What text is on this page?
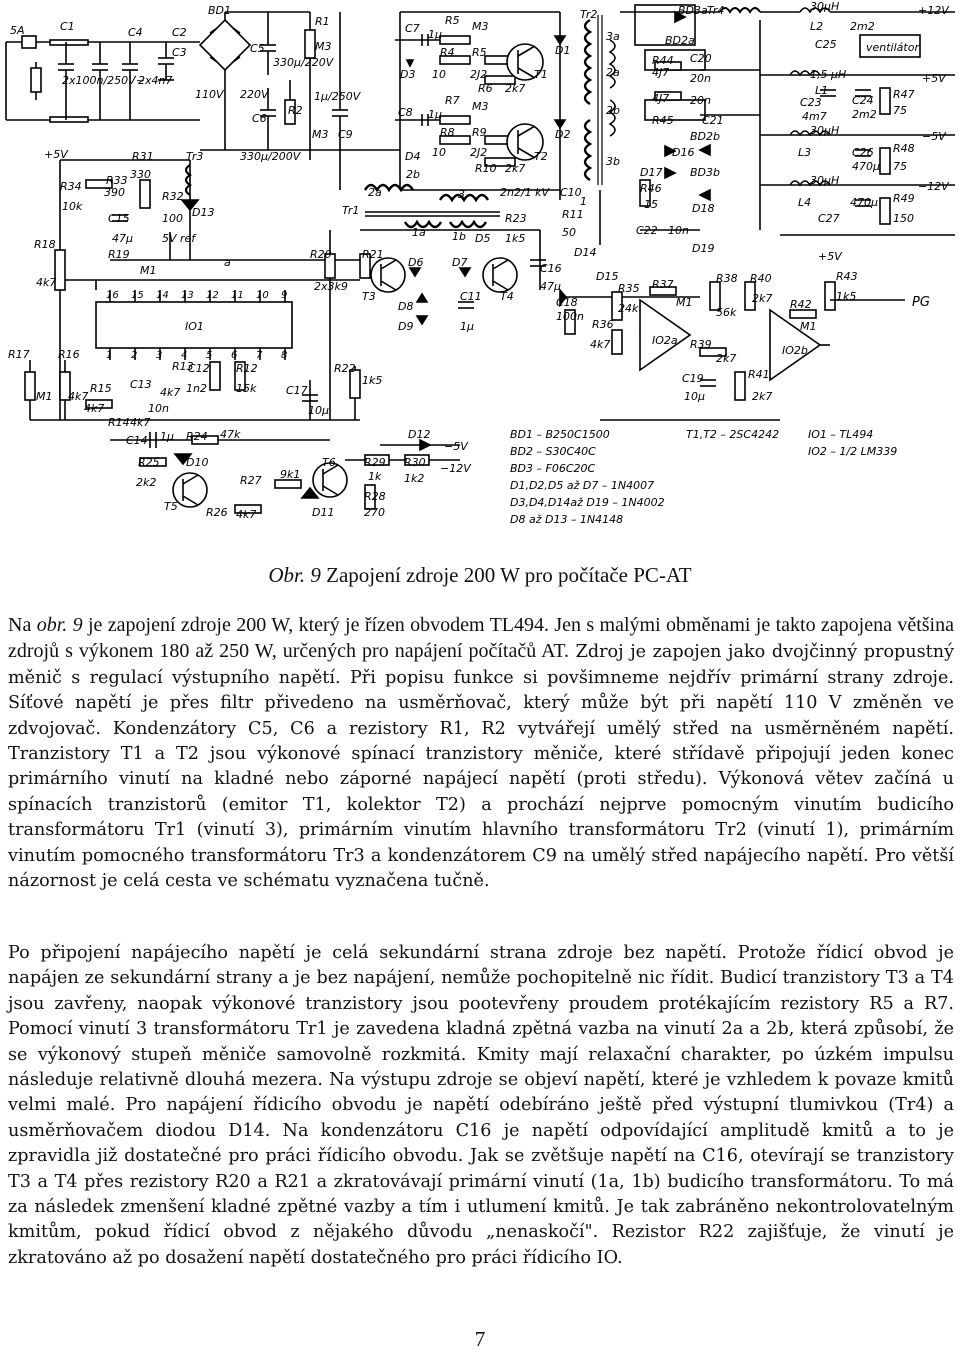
5A	C1	C4	C2
C3
2x100n/250V~
2x4n7
BD1
R1
M3
C5
330μ/220V
110V 220V
C6
R2
1μ/250V
M3 C9
330μ/200V
C7 1μ
R5 M3
D3
R4
10
R5
2J2
R6 2k7
T1
D1
C8 1μ
R7 M3
R8 R9
10 2J2
D4
R10 2k7
T2
D2
Tr2
3a
2a
2b
3b
1
C10
2n2/1 kV
R11
50
R23
1k5
D5
1a 1b
3
Tr1
2a
2b
BD3a Tr4
BD2a
R44
4J7
C20
20n
4J7
R45
20n
C21
BD2b
D16
D17	BD3b
R46
15	D18
C22 10n
D19
30μH
L2 2m2
C25	ventilátor
+12V
+5V
−5V
−12V
1,5 μH
L1
C23
4m7
C24
2m2
R47
75
30μH
L3	C26
470μ
R48
75
30μH
L4
C27
470μ R49
150
+5V
R34
10k
R31
330
R33
390
C15
47μ
R32
100 D13
5V ref
Tr3
R18
4k7
R19
M1
IO1
16 15 14 13 12 11 10 9
1 2 3 4 5 6 7 8
a
R20	R21
2x3k9
T3	T4
D6	D7
D8
D9
C11
1μ
C16
47μ
D14
D15
C18
100n
R35
24k
R36
4k7
R37
M1
IO2a
R38
56k
R40
2k7
R39
2k7
C19
10μ
R41
2k7
R42
M1
IO2b
+5V
R43
1k5	PG
R17	R16
M1 4k7
R15
4k7
C13
4k7
C12
1n2
R13	R12
15k
R14 4k7
10n
C17
10μ
R22
1k5
C14 1μ R24 47k
D10
R25
2k2
T5	R26 4k7
R27 9k1
T6
D11
R29
1k
R28
270
R30
1k2
D12
−5V
−12V
BD1 – B250C1500
BD2 – S30C40C
BD3 – F06C20C
D1,D2,D5 až D7 – 1N4007
D3,D4,D14až D19 – 1N4002
D8 až D13 – 1N4148
T1,T2 – 2SC4242	IO1 – TL494
IO2 – 1/2 LM339
Obr. 9 Zapojení zdroje 200 W pro počítače PC-AT
Na obr. 9 je zapojení zdroje 200 W, který je řízen obvodem TL494. Jen s malými obměnami je takto zapojena většina zdrojů s výkonem 180 až 250 W, určených pro napájení počítačů AT. Zdroj je zapojen jako dvojčinný propustný měnič s regulací výstupního napětí. Při popisu funkce si povšimneme nejdřív primární strany zdroje. Síťové napětí je přes filtr přivedeno na usměrňovač, který může být při napětí 110 V změněn ve zdvojovač. Kondenzátory C5, C6 a rezistory R1, R2 vytvářejí umělý střed na usměrněném napětí. Tranzistory T1 a T2 jsou výkonové spínací tranzistory měniče, které střídavě připojují jeden konec primárního vinutí na kladné nebo záporné napájecí napětí (proti středu). Výkonová větev začíná u spínacích tranzistorů (emitor T1, kolektor T2) a prochází nejprve pomocným vinutím budicího transformátoru Tr1 (vinutí 3), primárním vinutím hlavního transformátoru Tr2 (vinutí 1), primárním vinutím pomocného transformátoru Tr3 a kondenzátorem C9 na umělý střed napájecího napětí. Pro větší názornost je celá cesta ve schématu vyznačena tučně.
Po připojení napájecího napětí je celá sekundární strana zdroje bez napětí. Protože řídicí obvod je napájen ze sekundární strany a je bez napájení, nemůže pochopitelně nic řídit. Budicí tranzistory T3 a T4 jsou zavřeny, naopak výkonové tranzistory jsou pootevřeny proudem protékajícím rezistory R5 a R7. Pomocí vinutí 3 transformátoru Tr1 je zavedena kladná zpětná vazba na vinutí 2a a 2b, která způsobí, že se výkonový stupeň měniče samovolně rozkmitá. Kmity mají relaxační charakter, po úzkém impulsu následuje relativně dlouhá mezera. Na výstupu zdroje se objeví napětí, které je vzhledem k povaze kmitů velmi malé. Pro napájení řídicího obvodu je napětí odebíráno ještě před výstupní tlumivkou (Tr4) a usměrňovačem diodou D14. Na kondenzátoru C16 je napětí odpovídající amplitudě kmitů a to je zpravidla již dostatečné pro práci řídicího obvodu. Jak se zvětšuje napětí na C16, otevírají se tranzistory T3 a T4 přes rezistory R20 a R21 a zkratovávají primární vinutí (1a, 1b) budicího transformátoru. To má za následek zmenšení kladné zpětné vazby a tím i utlumení kmitů. Je tak zabráněno nekontrolovatelným kmitům, pokud řídicí obvod z nějakého důvodu „nenaskočí". Rezistor R22 zajišťuje, že vinutí je zkratováno až po dosažení napětí dostatečného pro práci řídicího IO.
7
